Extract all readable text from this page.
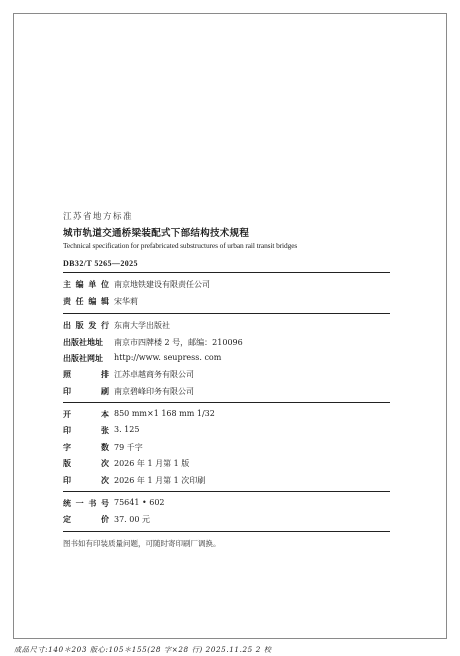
江苏省地方标准
城市轨道交通桥梁装配式下部结构技术规程
Technical specification for prefabricated substructures of urban rail transit bridges
DB32/T 5265—2025
主编单位 南京地铁建设有限责任公司
责任编辑 宋华莉
出版发行 东南大学出版社
出版社地址	南京市四牌楼 2 号，邮编：210096
出版社网址	http://www. seupress. com
照排 江苏卓越商务有限公司
印刷 南京碧峰印务有限公司
开本 850 mm×1 168 mm 1/32
印张 3. 125
字数 79 千字
版次 2026 年 1 月第 1 版
印次 2026 年 1 月第 1 次印刷
统一书号 75641 • 602
定价 37. 00 元
图书如有印装质量问题，可随时寄印刷厂调换。
成品尺寸:140＊203 版心:105＊155(28 字×28 行) 2025.11.25 2 校
